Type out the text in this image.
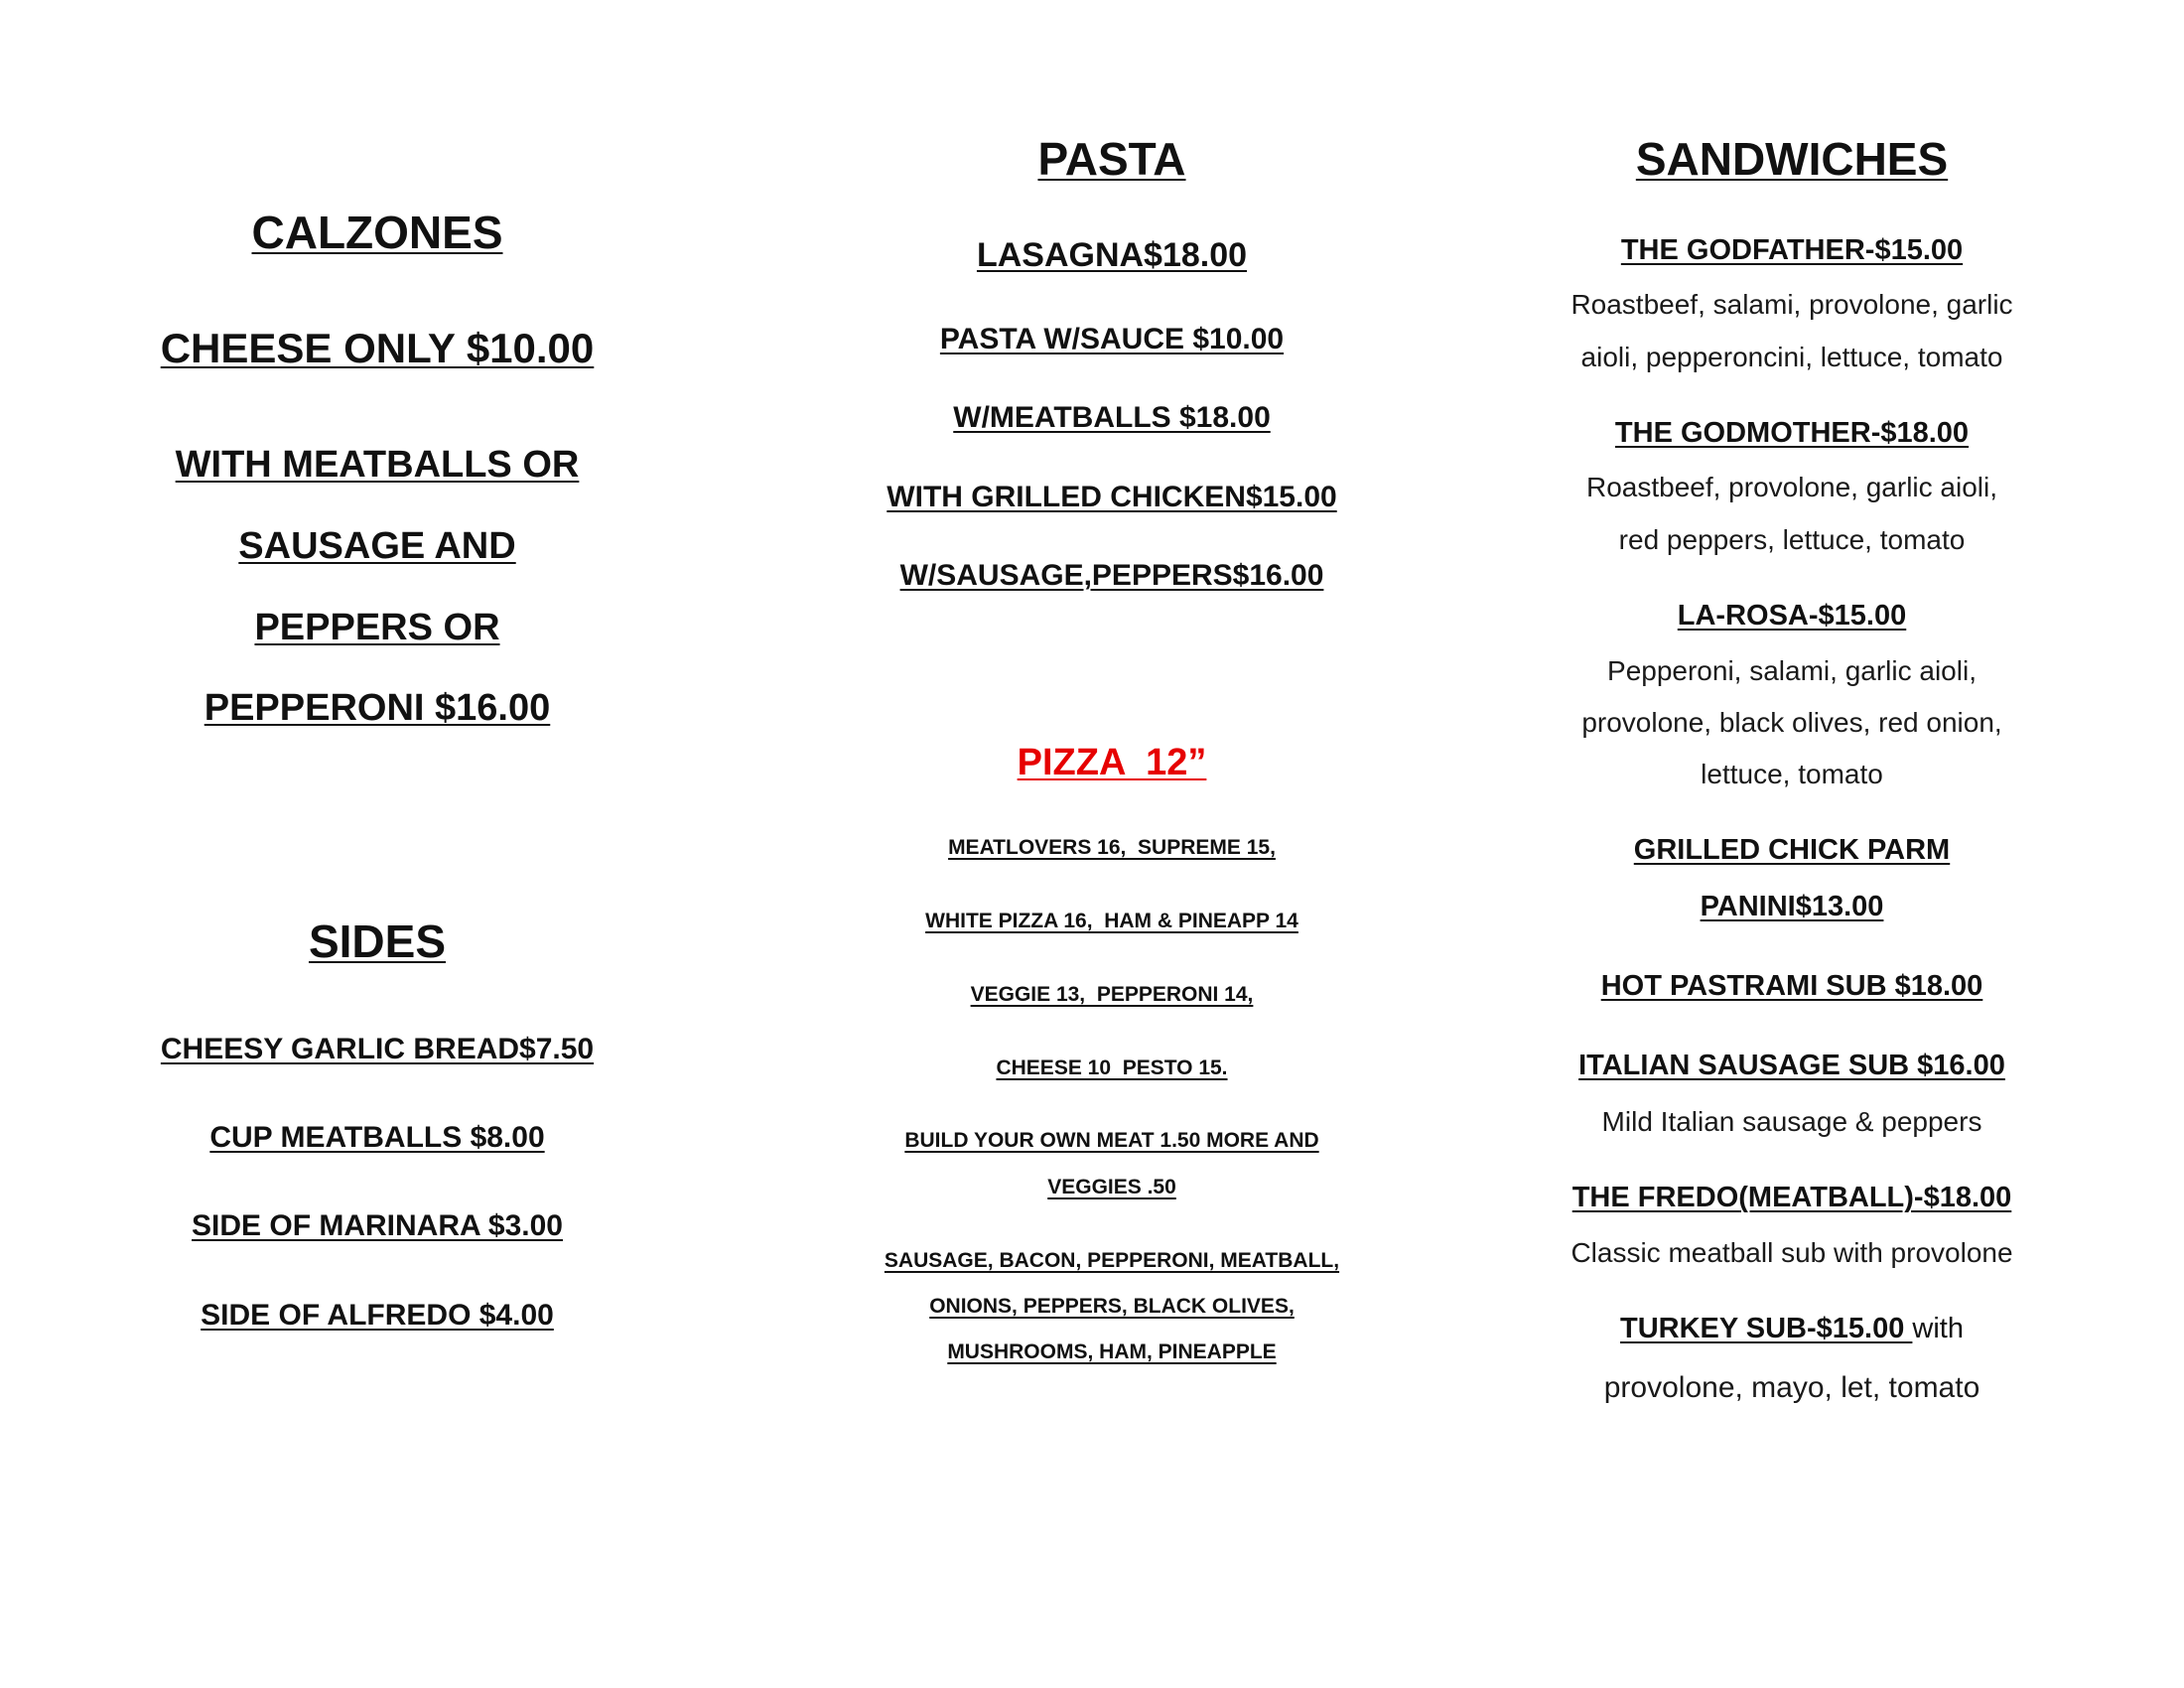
CALZONES

CHEESE ONLY $10.00

WITH MEATBALLS OR

SAUSAGE AND

PEPPERS OR

PEPPERONI $16.00

SIDES

CHEESY GARLIC BREAD$7.50

CUP MEATBALLS $8.00

SIDE OF MARINARA $3.00

SIDE OF ALFREDO $4.00

PASTA

LASAGNA$18.00

PASTA W/SAUCE $10.00

W/MEATBALLS $18.00

WITH GRILLED CHICKEN$15.00

W/SAUSAGE,PEPPERS$16.00

PIZZA  12”

MEATLOVERS 16,  SUPREME 15,

WHITE PIZZA 16,  HAM & PINEAPP 14

VEGGIE 13,  PEPPERONI 14,

CHEESE 10  PESTO 15.

BUILD YOUR OWN MEAT 1.50 MORE AND

VEGGIES .50

SAUSAGE, BACON, PEPPERONI, MEATBALL,

ONIONS, PEPPERS, BLACK OLIVES,

MUSHROOMS, HAM, PINEAPPLE

SANDWICHES

THE GODFATHER-$15.00

Roastbeef, salami, provolone, garlic

aioli, pepperoncini, lettuce, tomato

THE GODMOTHER-$18.00

Roastbeef, provolone, garlic aioli,

red peppers, lettuce, tomato

LA-ROSA-$15.00

Pepperoni, salami, garlic aioli,

provolone, black olives, red onion,

lettuce, tomato

GRILLED CHICK PARM

PANINI$13.00

HOT PASTRAMI SUB $18.00

ITALIAN SAUSAGE SUB $16.00

Mild Italian sausage & peppers

THE FREDO(MEATBALL)-$18.00

Classic meatball sub with provolone

TURKEY SUB-$15.00 with

provolone, mayo, let, tomato
